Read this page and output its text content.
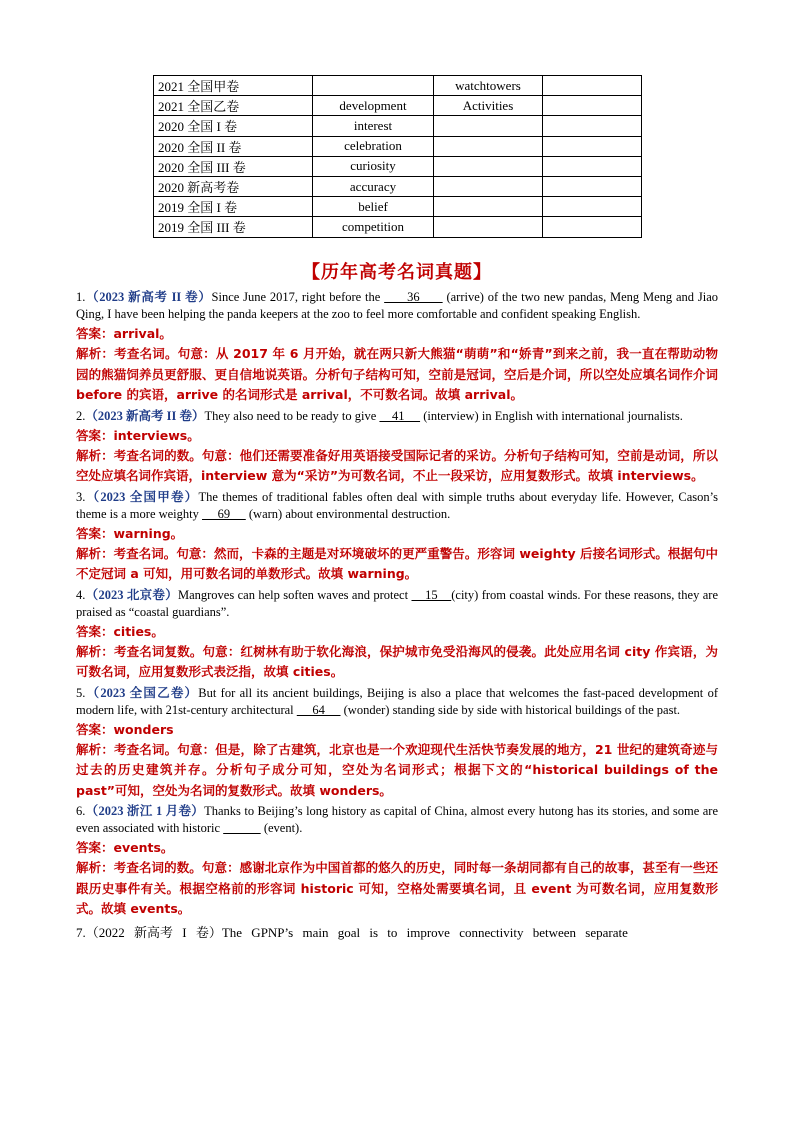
2021 全国甲卷		watchtowers	
2021 全国乙卷	development	Activities	
2020 全国 I 卷	interest		
2020 全国 II 卷	celebration		
2020 全国 III 卷	curiosity		
2020 新高考卷	accuracy		
2019 全国 I 卷	belief		
2019 全国 III 卷	competition		
【历年高考名词真题】
1.（2023 新高考 II 卷）Since June 2017, right before the       36       (arrive) of the two new pandas, Meng Meng and Jiao Qing, I have been helping the panda keepers at the zoo to feel more comfortable and confident speaking English.
答案：arrival。
解析：考查名词。句意：从 2017 年 6 月开始，就在两只新大熊猫“萌萌”和“娇青”到来之前，我一直在帮助动物园的熊猫饲养员更舒服、更自信地说英语。分析句子结构可知，空前是冠词，空后是介词，所以空处应填名词作介词 before 的宾语，arrive 的名词形式是 arrival，不可数名词。故填 arrival。
2.（2023 新高考 II 卷）They also need to be ready to give     41      (interview) in English with international journalists.
答案：interviews。
解析：考查名词的数。句意：他们还需要准备好用英语接受国际记者的采访。分析句子结构可知，空前是动词，所以空处应填名词作宾语，interview 意为“采访”为可数名词，不止一段采访，应用复数形式。故填 interviews。
3.（2023 全国甲卷）The themes of traditional fables often deal with simple truths about everyday life. However, Cason’s theme is a more weighty      69      (warn) about environmental destruction.
答案：warning。
解析：考查名词。句意：然而，卡森的主题是对环境破坏的更严重警告。形容词 weighty 后接名词形式。根据句中不定冠词 a 可知，用可数名词的单数形式。故填 warning。
4.（2023 北京卷）Mangroves can help soften waves and protect     15    (city) from coastal winds. For these reasons, they are praised as “coastal guardians”.
答案：cities。
解析：考查名词复数。句意：红树林有助于软化海浪，保护城市免受沿海风的侵袭。此处应用名词 city 作宾语，为可数名词，应用复数形式表泛指，故填 cities。
5.（2023 全国乙卷）But for all its ancient buildings, Beijing is also a place that welcomes the fast-paced development of modern life, with 21st-century architectural      64      (wonder) standing side by side with historical buildings of the past.
答案：wonders
解析：考查名词。句意：但是，除了古建筑，北京也是一个欢迎现代生活快节奏发展的地方，21 世纪的建筑奇迹与过去的历史建筑并存。分析句子成分可知，空处为名词形式；根据下文的“historical buildings of the past”可知，空处为名词的复数形式。故填 wonders。
6.（2023 浙江 1 月卷）Thanks to Beijing’s long history as capital of China, almost every hutong has its stories, and some are even associated with historic	(event).
答案：events。
解析：考查名词的数。句意：感谢北京作为中国首都的悠久的历史，同时每一条胡同都有自己的故事，甚至有一些还跟历史事件有关。根据空格前的形容词 historic 可知，空格处需要填名词，且 event 为可数名词，应用复数形式。故填 events。
7.（2022 新高考 I 卷）The GPNP’s main goal is to improve connectivity between separate
